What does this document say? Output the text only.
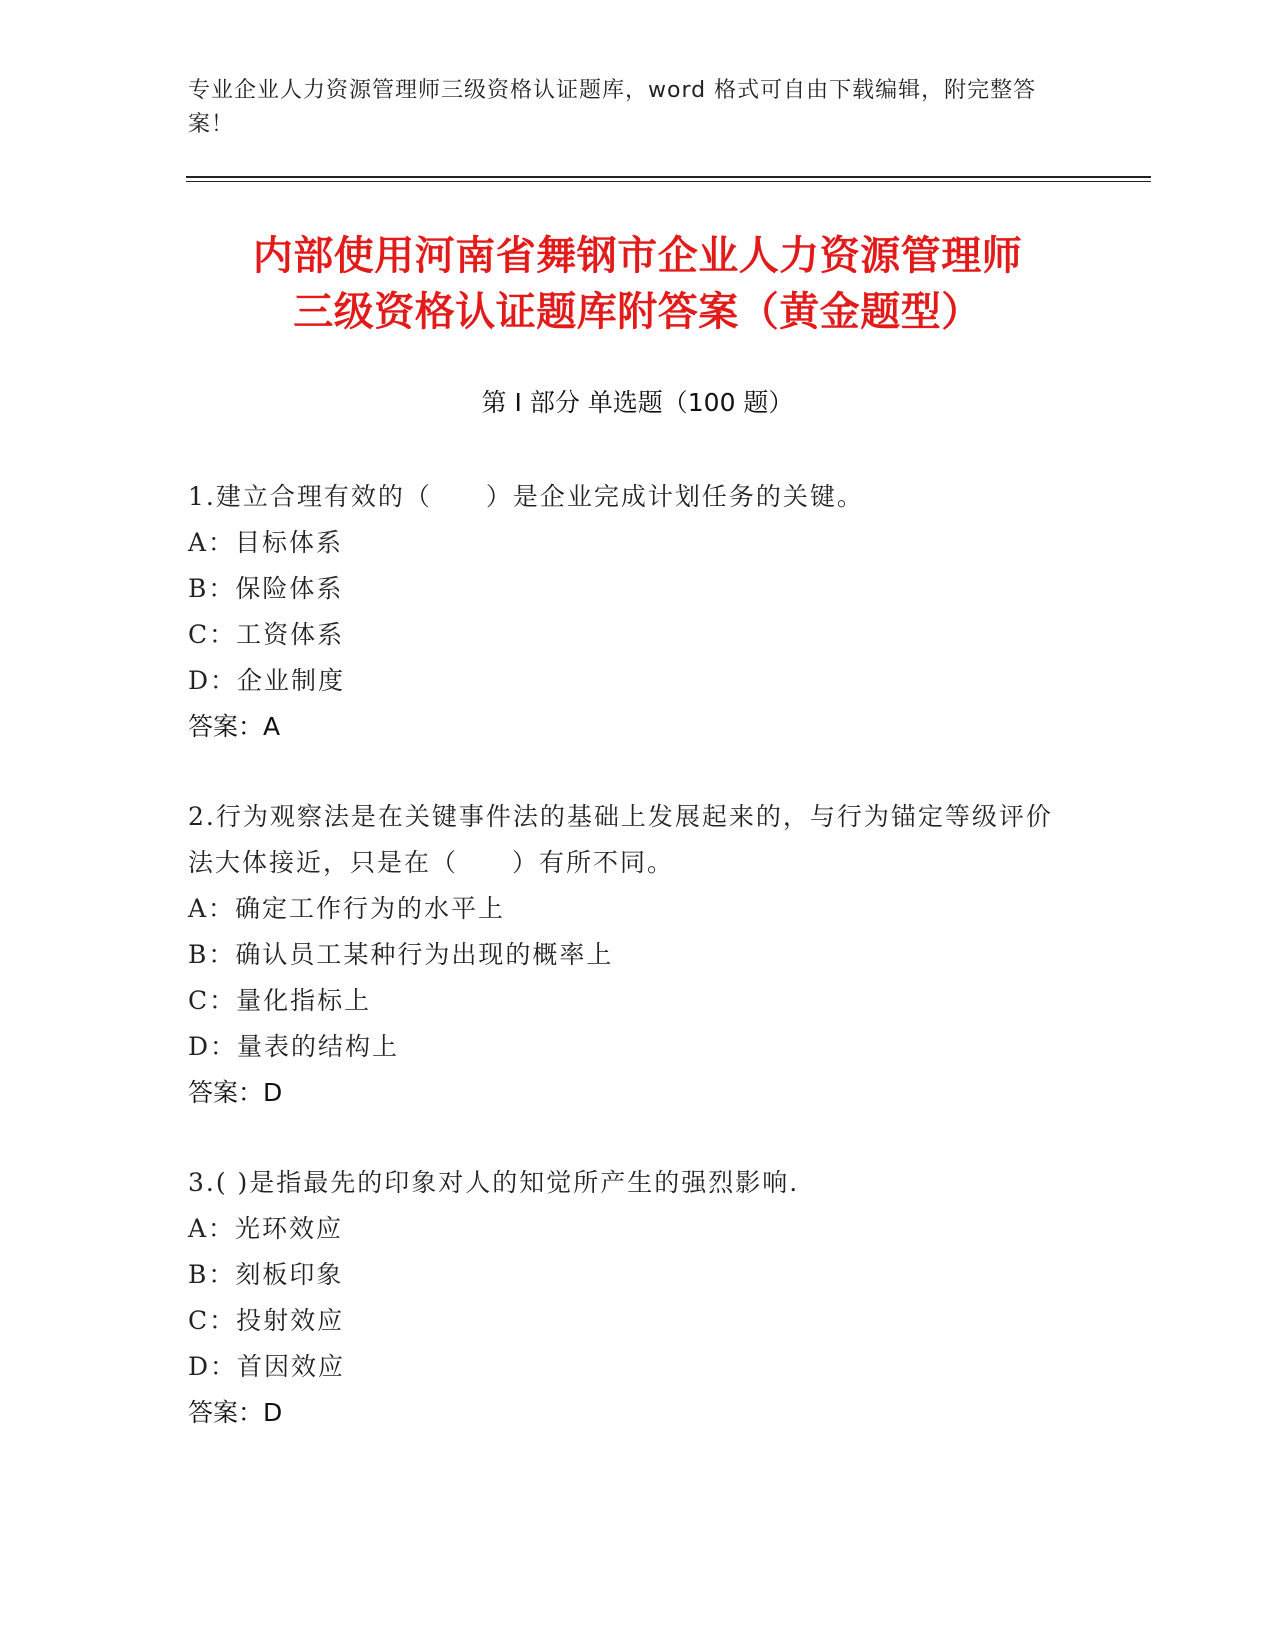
专业企业人力资源管理师三级资格认证题库，word 格式可自由下载编辑，附完整答案！
内部使用河南省舞钢市企业人力资源管理师
三级资格认证题库附答案（黄金题型）
第 I 部分 单选题（100 题）

1.建立合理有效的（　　）是企业完成计划任务的关键。

A：目标体系

B：保险体系

C：工资体系

D：企业制度

答案：A

2.行为观察法是在关键事件法的基础上发展起来的，与行为锚定等级评价法大体接近，只是在（　　）有所不同。

A：确定工作行为的水平上

B：确认员工某种行为出现的概率上

C：量化指标上

D：量表的结构上

答案：D

3.( )是指最先的印象对人的知觉所产生的强烈影响.

A：光环效应

B：刻板印象

C：投射效应

D：首因效应

答案：D
